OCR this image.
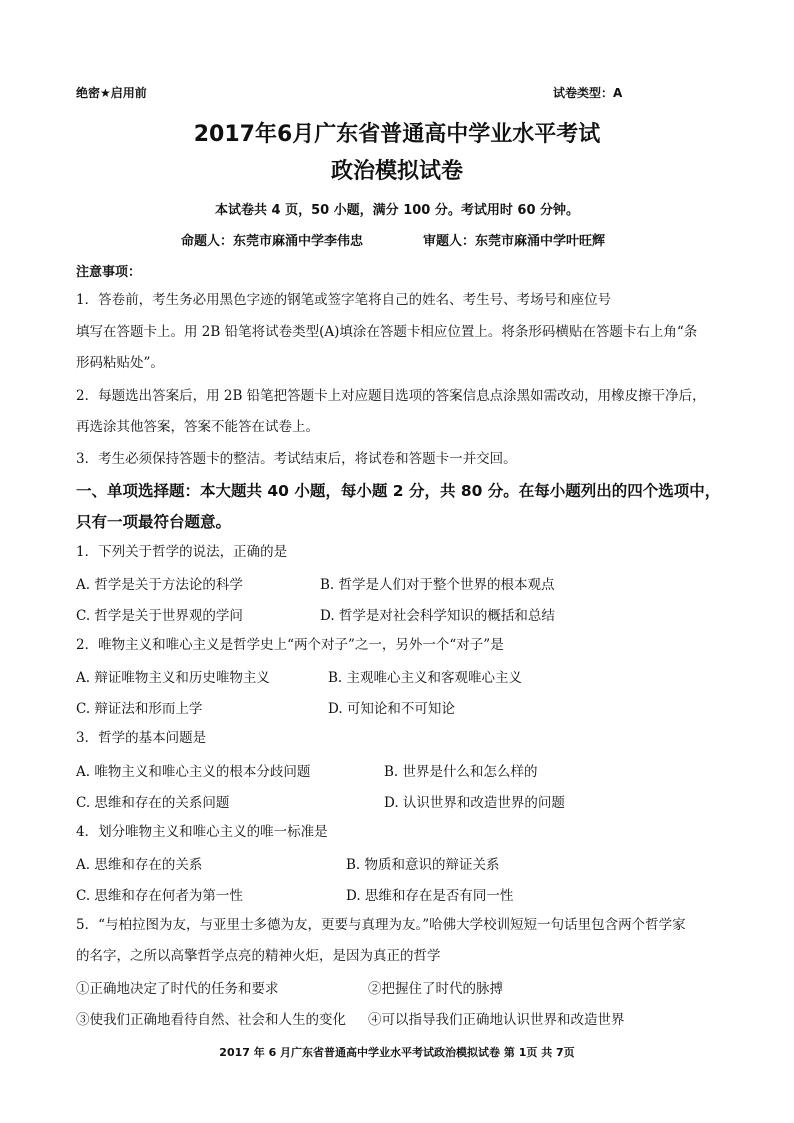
绝密★启用前	试卷类型：A
2017年6月广东省普通高中学业水平考试
政治模拟试卷
本试卷共 4 页，50 小题，满分 100 分。考试用时 60 分钟。
命题人：东莞市麻涌中学李伟忠	审题人：东莞市麻涌中学叶旺辉
注意事项：
1．答卷前，考生务必用黑色字迹的钢笔或签字笔将自己的姓名、考生号、考场号和座位号
填写在答题卡上。用 2B 铅笔将试卷类型(A)填涂在答题卡相应位置上。将条形码横贴在答题卡右上角“条
形码粘贴处”。
2．每题选出答案后，用 2B 铅笔把答题卡上对应题目选项的答案信息点涂黑如需改动，用橡皮擦干净后，
再选涂其他答案，答案不能答在试卷上。
3．考生必须保持答题卡的整洁。考试结束后，将试卷和答题卡一并交回。
一、单项选择题：本大题共 40 小题，每小题 2 分，共 80 分。在每小题列出的四个选项中，
只有一项最符台题意。
1．下列关于哲学的说法，正确的是
A. 哲学是关于方法论的科学	B. 哲学是人们对于整个世界的根本观点
C. 哲学是关于世界观的学问	D. 哲学是对社会科学知识的概括和总结
2．唯物主义和唯心主义是哲学史上“两个对子”之一，另外一个“对子”是
A. 辩证唯物主义和历史唯物主义	B. 主观唯心主义和客观唯心主义
C. 辩证法和形而上学	D. 可知论和不可知论
3．哲学的基本问题是
A. 唯物主义和唯心主义的根本分歧问题	B. 世界是什么和怎么样的
C. 思维和存在的关系问题	D. 认识世界和改造世界的问题
4．划分唯物主义和唯心主义的唯一标准是
A. 思维和存在的关系	B. 物质和意识的辩证关系
C. 思维和存在何者为第一性	D. 思维和存在是否有同一性
5．“与柏拉图为友，与亚里士多德为友，更要与真理为友。”哈佛大学校训短短一句话里包含两个哲学家
的名字，之所以高擎哲学点亮的精神火炬，是因为真正的哲学
①正确地决定了时代的任务和要求	②把握住了时代的脉搏
③使我们正确地看待自然、社会和人生的变化 ④可以指导我们正确地认识世界和改造世界
2017 年 6 月广东省普通高中学业水平考试政治模拟试卷 第 1页 共 7页
